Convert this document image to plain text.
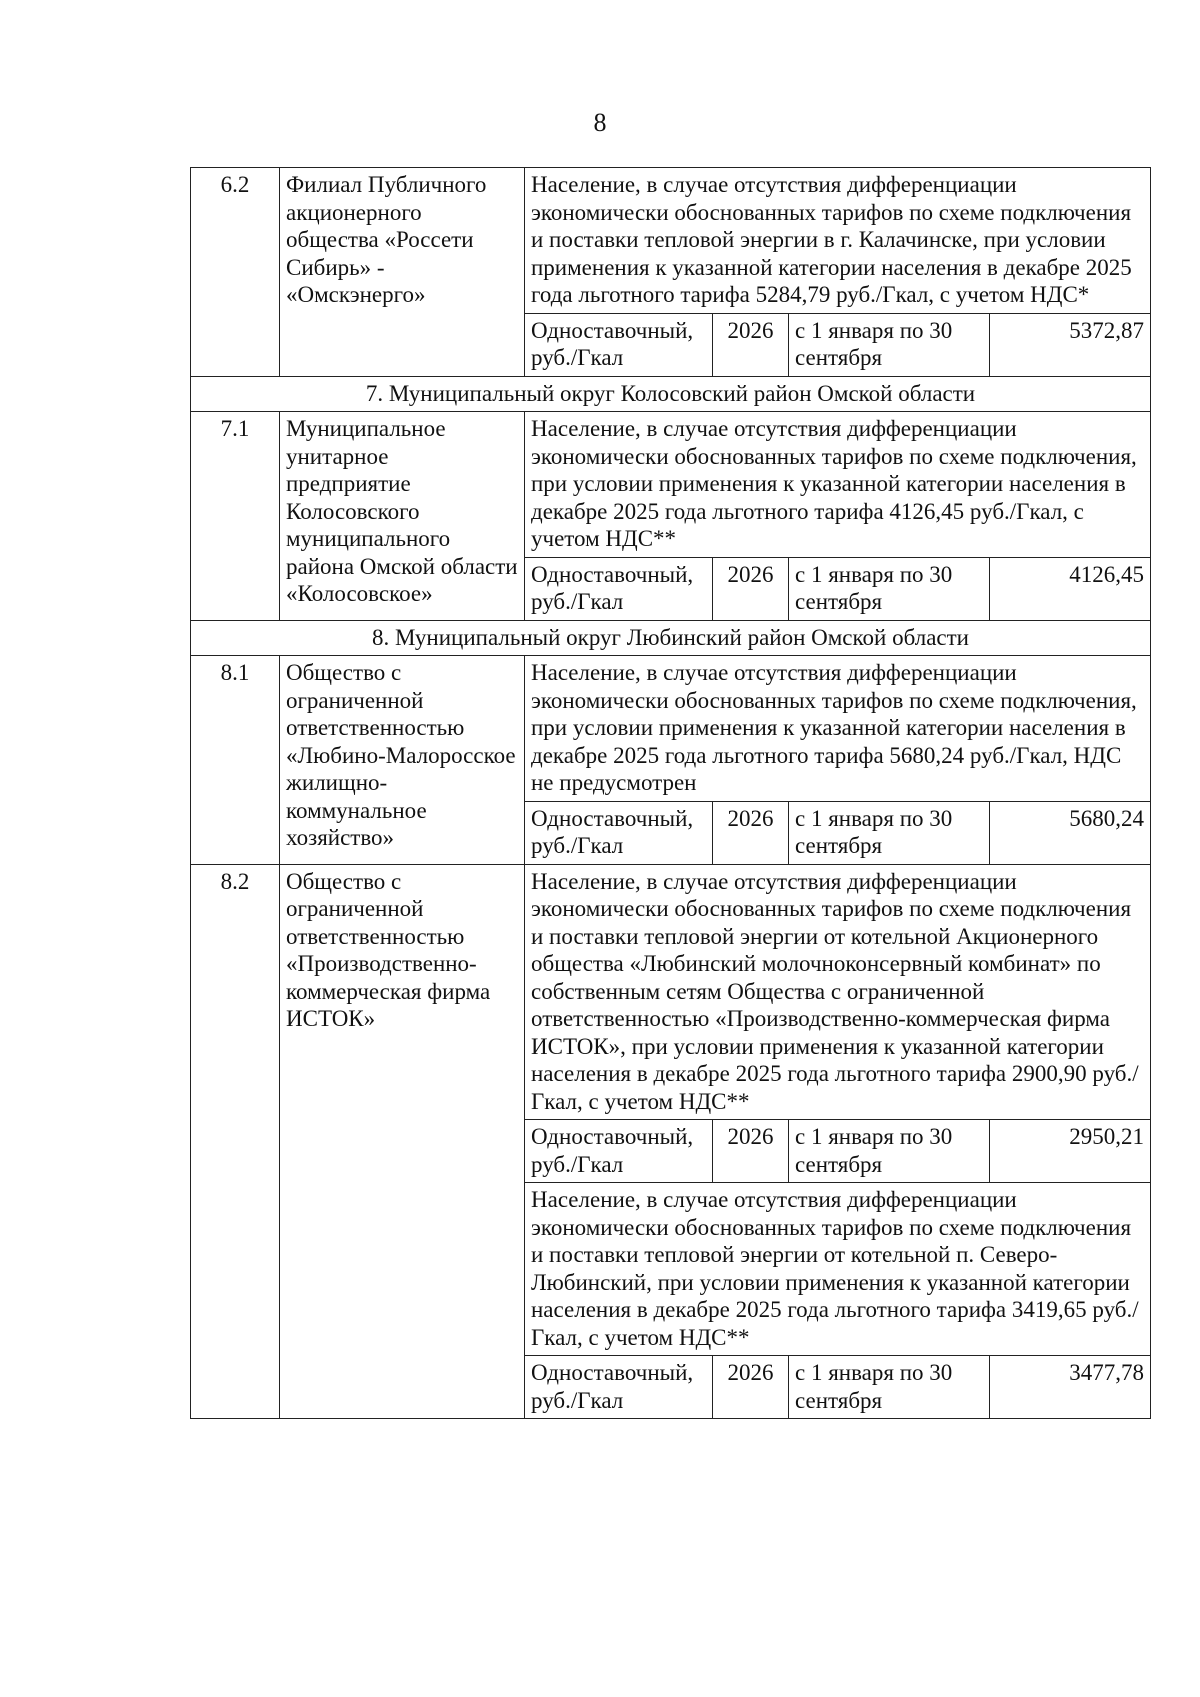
8
6.2	Филиал Публичного акционерного общества «Россети Сибирь» - «Омскэнерго»	Население, в случае отсутствия дифференциации экономически обоснованных тарифов по схеме подключения и поставки тепловой энергии в г. Калачинске, при условии применения к указанной категории населения в декабре 2025 года льготного тарифа 5284,79 руб./Гкал, с учетом НДС*			
		Одноставочный, руб./Гкал	2026	с 1 января по 30 сентября	5372,87
7. Муниципальный округ Колосовский район Омской области					
7.1	Муниципальное унитарное предприятие Колосовского муниципального района Омской области «Колосовское»	Население, в случае отсутствия дифференциации экономически обоснованных тарифов по схеме подключения, при условии применения к указанной категории населения в декабре 2025 года льготного тарифа 4126,45 руб./Гкал, с учетом НДС**			
		Одноставочный, руб./Гкал	2026	с 1 января по 30 сентября	4126,45
8. Муниципальный округ Любинский район Омской области					
8.1	Общество с ограниченной ответственностью «Любино-Малоросское жилищно-коммунальное хозяйство»	Население, в случае отсутствия дифференциации экономически обоснованных тарифов по схеме подключения, при условии применения к указанной категории населения в декабре 2025 года льготного тарифа 5680,24 руб./Гкал, НДС не предусмотрен			
		Одноставочный, руб./Гкал	2026	с 1 января по 30 сентября	5680,24
8.2	Общество с ограниченной ответственностью «Производственно-коммерческая фирма ИСТОК»	Население, в случае отсутствия дифференциации экономически обоснованных тарифов по схеме подключения и поставки тепловой энергии от котельной Акционерного общества «Любинский молочноконсервный комбинат» по собственным сетям Общества с ограниченной ответственностью «Производственно-коммерческая фирма ИСТОК», при условии применения к указанной категории населения в декабре 2025 года льготного тарифа 2900,90 руб./Гкал, с учетом НДС**			
		Одноставочный, руб./Гкал	2026	с 1 января по 30 сентября	2950,21
		Население, в случае отсутствия дифференциации экономически обоснованных тарифов по схеме подключения и поставки тепловой энергии от котельной п. Северо-Любинский, при условии применения к указанной категории населения в декабре 2025 года льготного тарифа 3419,65 руб./Гкал, с учетом НДС**			
		Одноставочный, руб./Гкал	2026	с 1 января по 30 сентября	3477,78
